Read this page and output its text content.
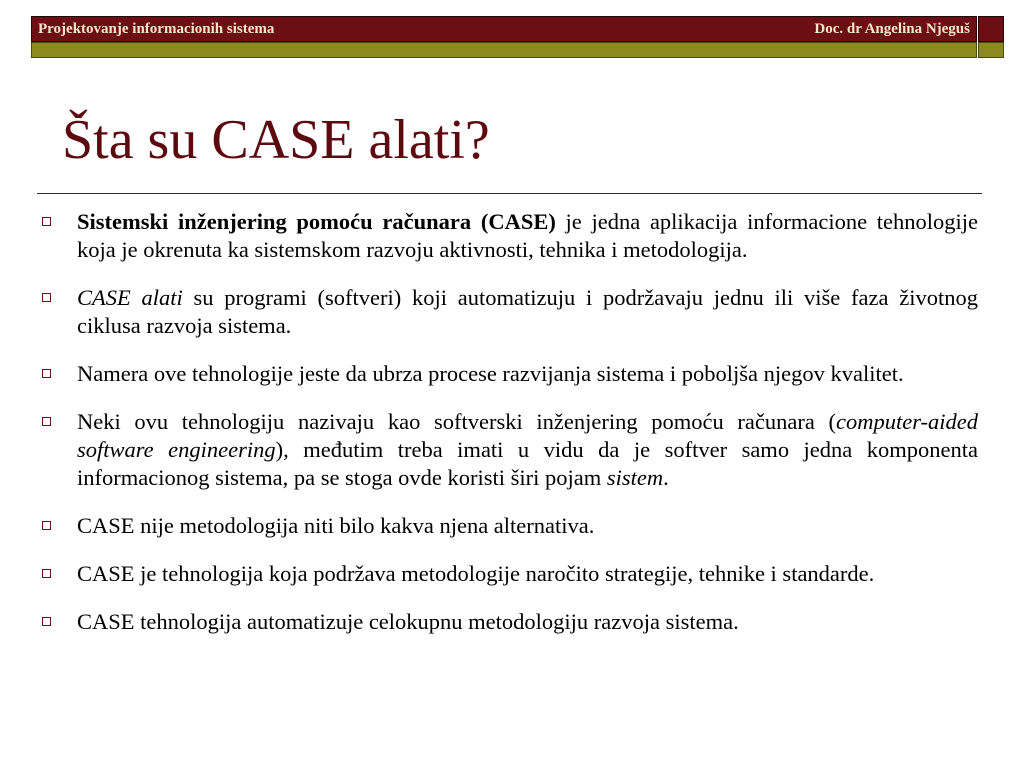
Projektovanje informacionih sistema	Doc. dr Angelina Njeguš
Šta su CASE alati?
Sistemski inženjering pomoću računara (CASE) je jedna aplikacija informacione tehnologije koja je okrenuta ka sistemskom razvoju aktivnosti, tehnika i metodologija.
CASE alati su programi (softveri) koji automatizuju i podržavaju jednu ili više faza životnog ciklusa razvoja sistema.
Namera ove tehnologije jeste da ubrza procese razvijanja sistema i poboljša njegov kvalitet.
Neki ovu tehnologiju nazivaju kao softverski inženjering pomoću računara (computer-aided software engineering), međutim treba imati u vidu da je softver samo jedna komponenta informacionog sistema, pa se stoga ovde koristi širi pojam sistem.
CASE nije metodologija niti bilo kakva njena alternativa.
CASE je tehnologija koja podržava metodologije naročito strategije, tehnike i standarde.
CASE tehnologija automatizuje celokupnu metodologiju razvoja sistema.
